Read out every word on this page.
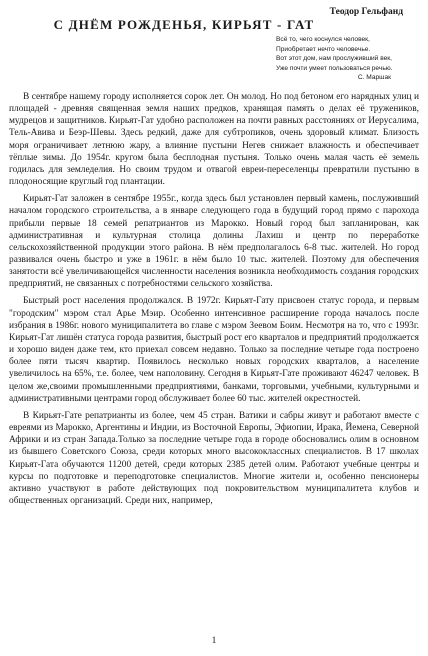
Теодор Гельфанд
С ДНЁМ РОЖДЕНЬЯ, КИРЬЯТ - ГАТ
Всё то, чего коснулся человек,
Приобретает нечто человечье.
Вот этот дом, нам прослуживший век,
Уже почти умеет пользоваться речью.
С. Маршак

В сентябре нашему городу исполняется сорок лет. Он молод. Но под бетоном его нарядных улиц и площадей - древняя священная земля наших предков, хранящая память о делах её тружеников, мудрецов и защитников. Кирьят-Гат удобно расположен на почти равных расстояниях от Иерусалима, Тель-Авива и Беэр-Шевы. Здесь редкий, даже для субтропиков, очень здоровый климат. Близость моря ограничивает летнюю жару, а влияние пустыни Негев снижает влажность и обеспечивает тёплые зимы. До 1954г. кругом была бесплодная пустыня. Только очень малая часть её земель годилась для земледелия. Но своим трудом и отвагой евреи-переселенцы превратили пустыню в плодоносящие круглый год плантации.

Кирьят-Гат заложен в сентябре 1955г., когда здесь был установлен первый камень, послуживший началом городского строительства, а в январе следующего года в будущий город прямо с парохода прибыли первые 18 семей репатриантов из Марокко. Новый город был запланирован, как административная и культурная столица долины Лахиш и центр по переработке сельскохозяйственной продукции этого района. В нём предполагалось 6-8 тыс. жителей. Но город развивался очень быстро и уже в 1961г. в нём было 10 тыс. жителей. Поэтому для обеспечения занятости всё увеличивающейся численности населения возникла необходимость создания городских предприятий, не связанных с потребностями сельского хозяйства.

Быстрый рост населения продолжался. В 1972г. Кирьят-Гату присвоен статус города, и первым "городским" мэром стал Арье Мэир. Особенно интенсивное расширение города началось после избрания в 1986г. нового муниципалитета во главе с мэром Зеевом Боим. Несмотря на то, что с 1993г. Кирьят-Гат лишён статуса города развития, быстрый рост его кварталов и предприятий продолжается и хорошо виден даже тем, кто приехал совсем недавно. Только за последние четыре года построено более пяти тысяч квартир. Появилось несколько новых городских кварталов, а население увеличилось на 65%, т.е. более, чем наполовину. Сегодня в Кирьят-Гате проживают 46247 человек. В целом же,своими промышленными предприятиями, банками, торговыми, учебными, культурными и административными центрами город обслуживает более 60 тыс. жителей окрестностей.

В Кирьят-Гате репатрианты из более, чем 45 стран. Ватики и сабры живут и работают вместе с евреями из Марокко, Аргентины и Индии, из Восточной Европы, Эфиопии, Ирака, Йемена, Северной Африки и из стран Запада.Только за последние четыре года в городе обосновались олим в основном из бывшего Советского Союза, среди которых много высококлассных специалистов. В 17 школах Кирьят-Гата обучаются 11200 детей, среди которых 2385 детей олим. Работают учебные центры и курсы по подготовке и переподготовке специалистов. Многие жители и, особенно пенсионеры активно участвуют в работе действующих под покровительством муниципалитета клубов и общественных организаций. Среди них, например,

1
